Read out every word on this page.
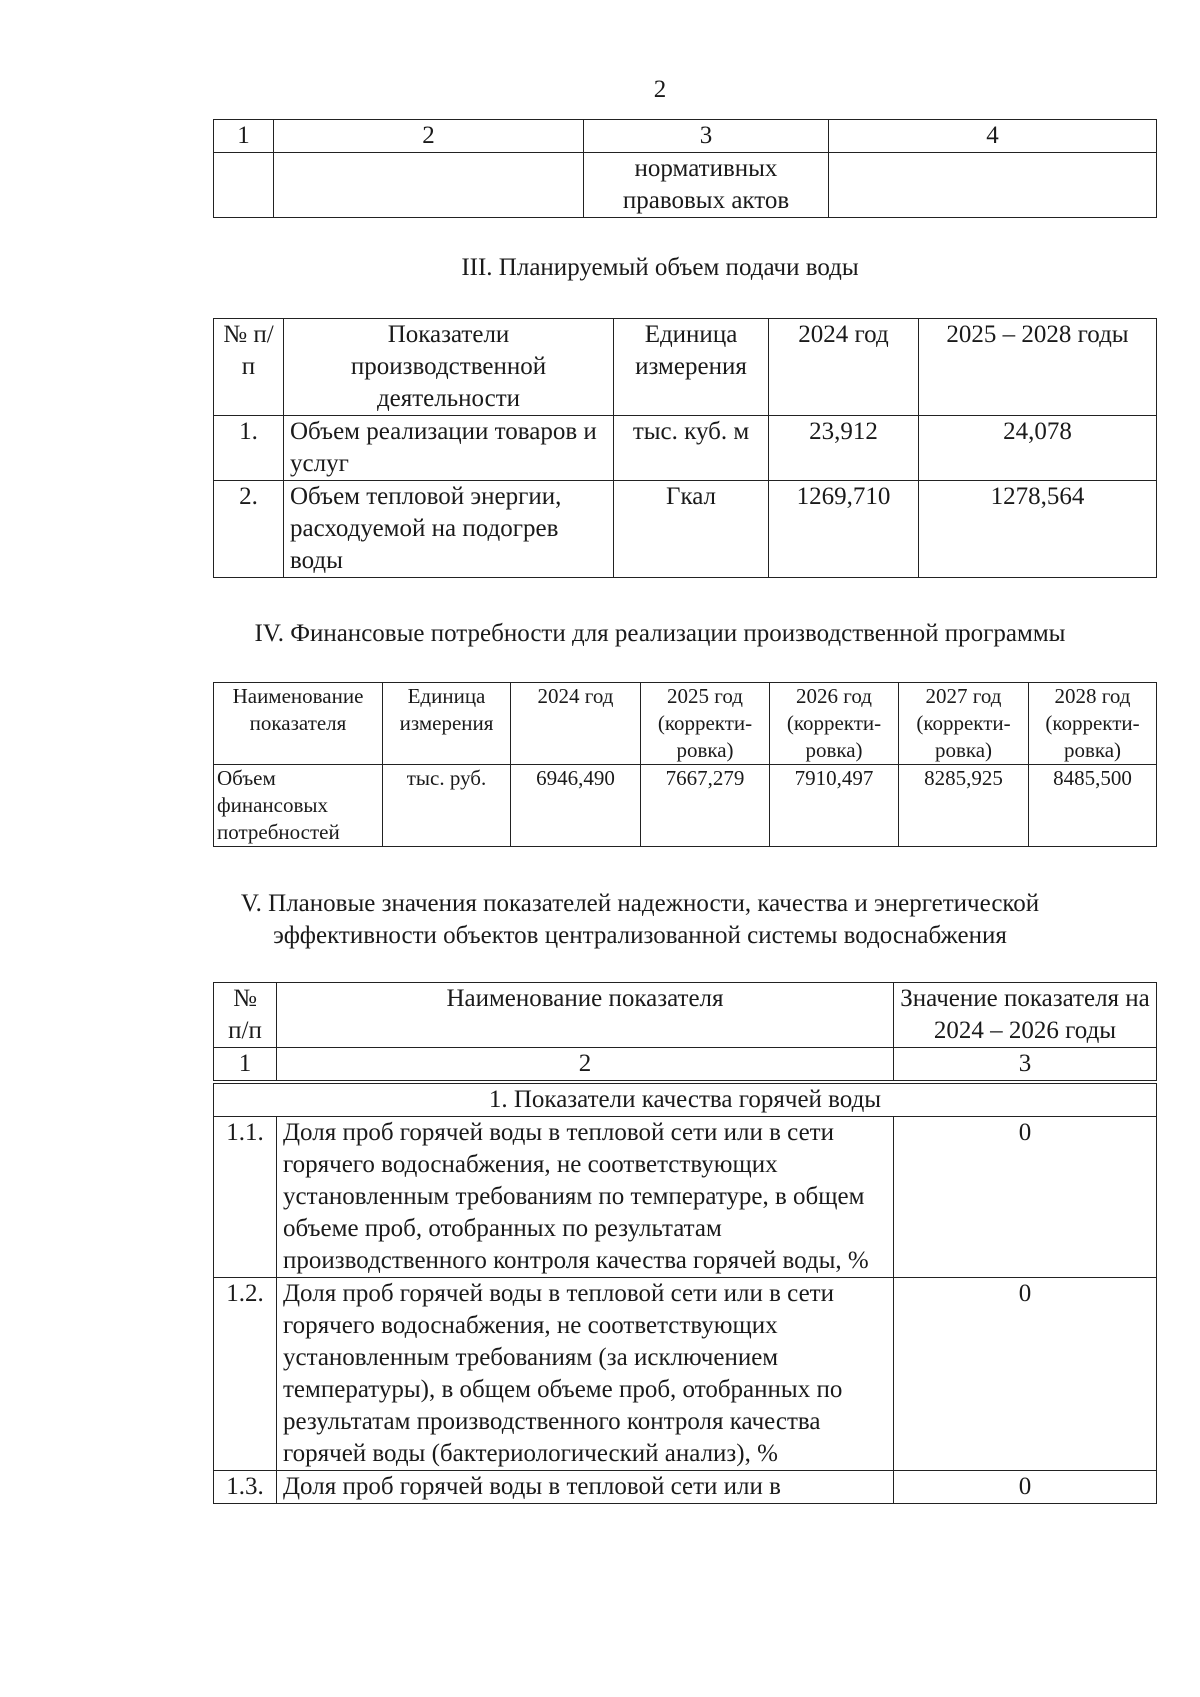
2
1	2	3	4
		нормативных правовых актов	
III. Планируемый объем подачи воды
№ п/п	Показатели производственной деятельности	Единица измерения	2024 год	2025 – 2028 годы
1.	Объем реализации товаров и услуг	тыс. куб. м	23,912	24,078
2.	Объем тепловой энергии, расходуемой на подогрев воды	Гкал	1269,710	1278,564
IV. Финансовые потребности для реализации производственной программы
Наименование показателя	Единица измерения	2024 год	2025 год (корректи-ровка)	2026 год (корректи-ровка)	2027 год (корректи-ровка)	2028 год (корректи-ровка)
Объем финансовых потребностей	тыс. руб.	6946,490	7667,279	7910,497	8285,925	8485,500
V. Плановые значения показателей надежности, качества и энергетической эффективности объектов централизованной системы водоснабжения
№ п/п	Наименование показателя	Значение показателя на 2024 – 2026 годы
1	2	3
1. Показатели качества горячей воды		
1.1.	Доля проб горячей воды в тепловой сети или в сети горячего водоснабжения, не соответствующих установленным требованиям по температуре, в общем объеме проб, отобранных по результатам производственного контроля качества горячей воды, %	0
1.2.	Доля проб горячей воды в тепловой сети или в сети горячего водоснабжения, не соответствующих установленным требованиям (за исключением температуры), в общем объеме проб, отобранных по результатам производственного контроля качества горячей воды (бактериологический анализ), %	0
1.3.	Доля проб горячей воды в тепловой сети или в	0
